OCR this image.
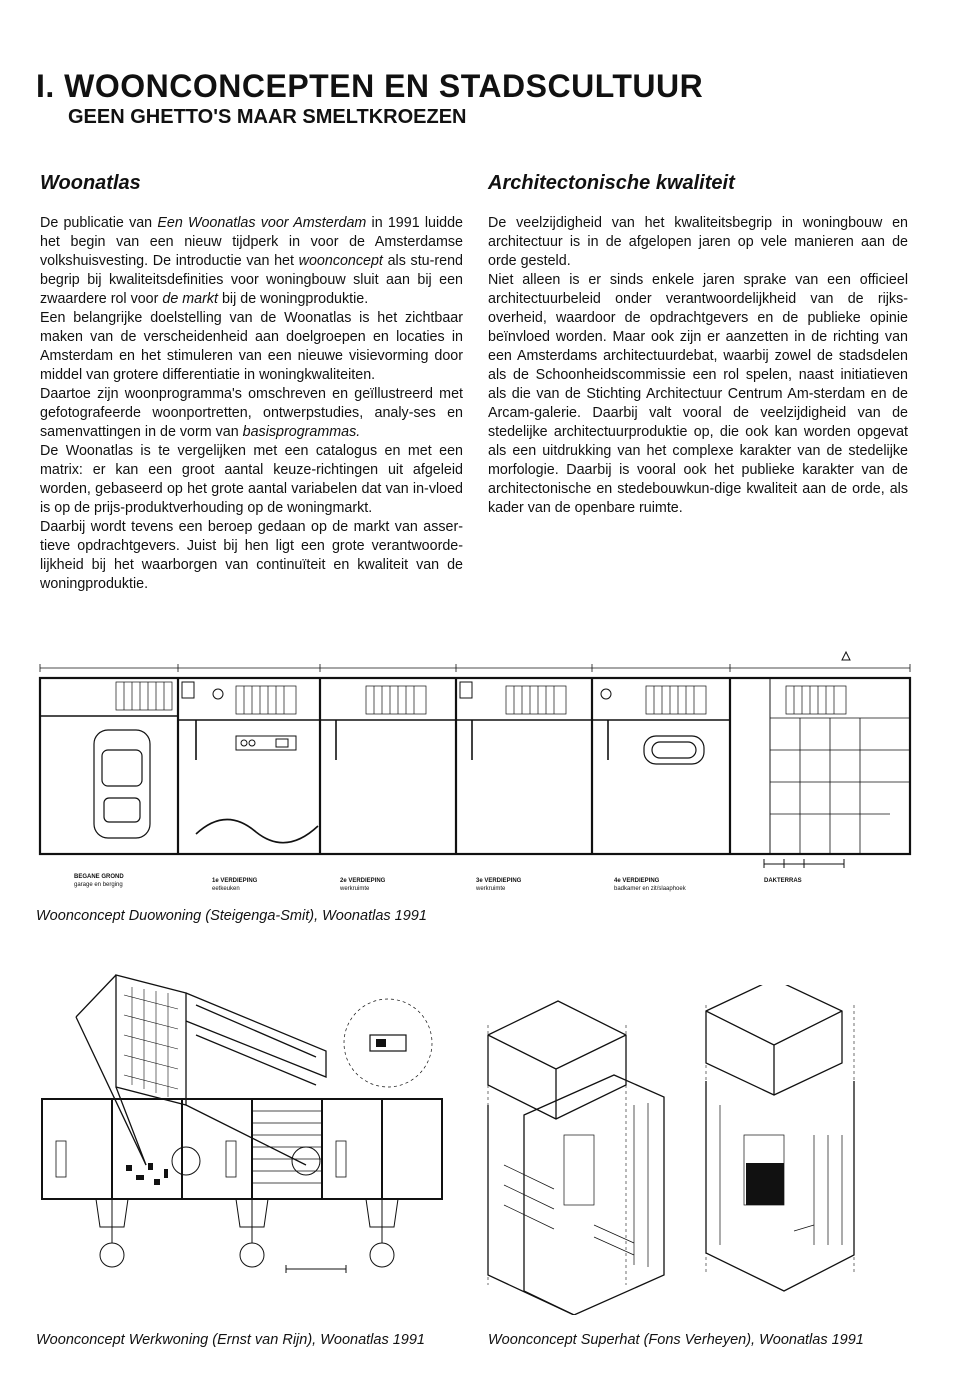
I. WOONCONCEPTEN EN STADSCULTUUR
GEEN GHETTO'S MAAR SMELTKROEZEN
Woonatlas

De publicatie van Een Woonatlas voor Amsterdam in 1991 luidde het begin van een nieuw tijdperk in voor de Amsterdamse volkshuisvesting. De introductie van het woonconcept als stu-rend begrip bij kwaliteitsdefinities voor woningbouw sluit aan bij een zwaardere rol voor de markt bij de woningproduktie.

Een belangrijke doelstelling van de Woonatlas is het zichtbaar maken van de verscheidenheid aan doelgroepen en locaties in Amsterdam en het stimuleren van een nieuwe visievorming door middel van grotere differentiatie in woningkwaliteiten.

Daartoe zijn woonprogramma's omschreven en geïllustreerd met gefotografeerde woonportretten, ontwerpstudies, analy-ses en samenvattingen in de vorm van basisprogrammas.

De Woonatlas is te vergelijken met een catalogus en met een matrix: er kan een groot aantal keuze-richtingen uit afgeleid worden, gebaseerd op het grote aantal variabelen dat van in-vloed is op de prijs-produktverhouding op de woningmarkt.

Daarbij wordt tevens een beroep gedaan op de markt van asser-tieve opdrachtgevers. Juist bij hen ligt een grote verantwoorde-lijkheid bij het waarborgen van continuïteit en kwaliteit van de woningproduktie.

Architectonische kwaliteit

De veelzijdigheid van het kwaliteitsbegrip in woningbouw en architectuur is in de afgelopen jaren op vele manieren aan de orde gesteld.

Niet alleen is er sinds enkele jaren sprake van een officieel architectuurbeleid onder verantwoordelijkheid van de rijks-overheid, waardoor de opdrachtgevers en de publieke opinie beïnvloed worden. Maar ook zijn er aanzetten in de richting van een Amsterdams architectuurdebat, waarbij zowel de stadsdelen als de Schoonheidscommissie een rol spelen, naast initiatieven als die van de Stichting Architectuur Centrum Am-sterdam en de Arcam-galerie. Daarbij valt vooral de veelzijdigheid van de stedelijke architectuurproduktie op, die ook kan worden opgevat als een uitdrukking van het complexe karakter van de stedelijke morfologie. Daarbij is vooral ook het publieke karakter van de architectonische en stedebouwkun-dige kwaliteit aan de orde, als kader van de openbare ruimte.

BEGANE GROND
garage en berging
1e VERDIEPING
eetkeuken
2e VERDIEPING
werkruimte
3e VERDIEPING
werkruimte
4e VERDIEPING
badkamer en zit/slaaphoek
DAKTERRAS
Woonconcept Duowoning (Steigenga-Smit), Woonatlas 1991
Woonconcept Werkwoning (Ernst van Rijn), Woonatlas 1991	Woonconcept Superhat (Fons Verheyen), Woonatlas 1991
